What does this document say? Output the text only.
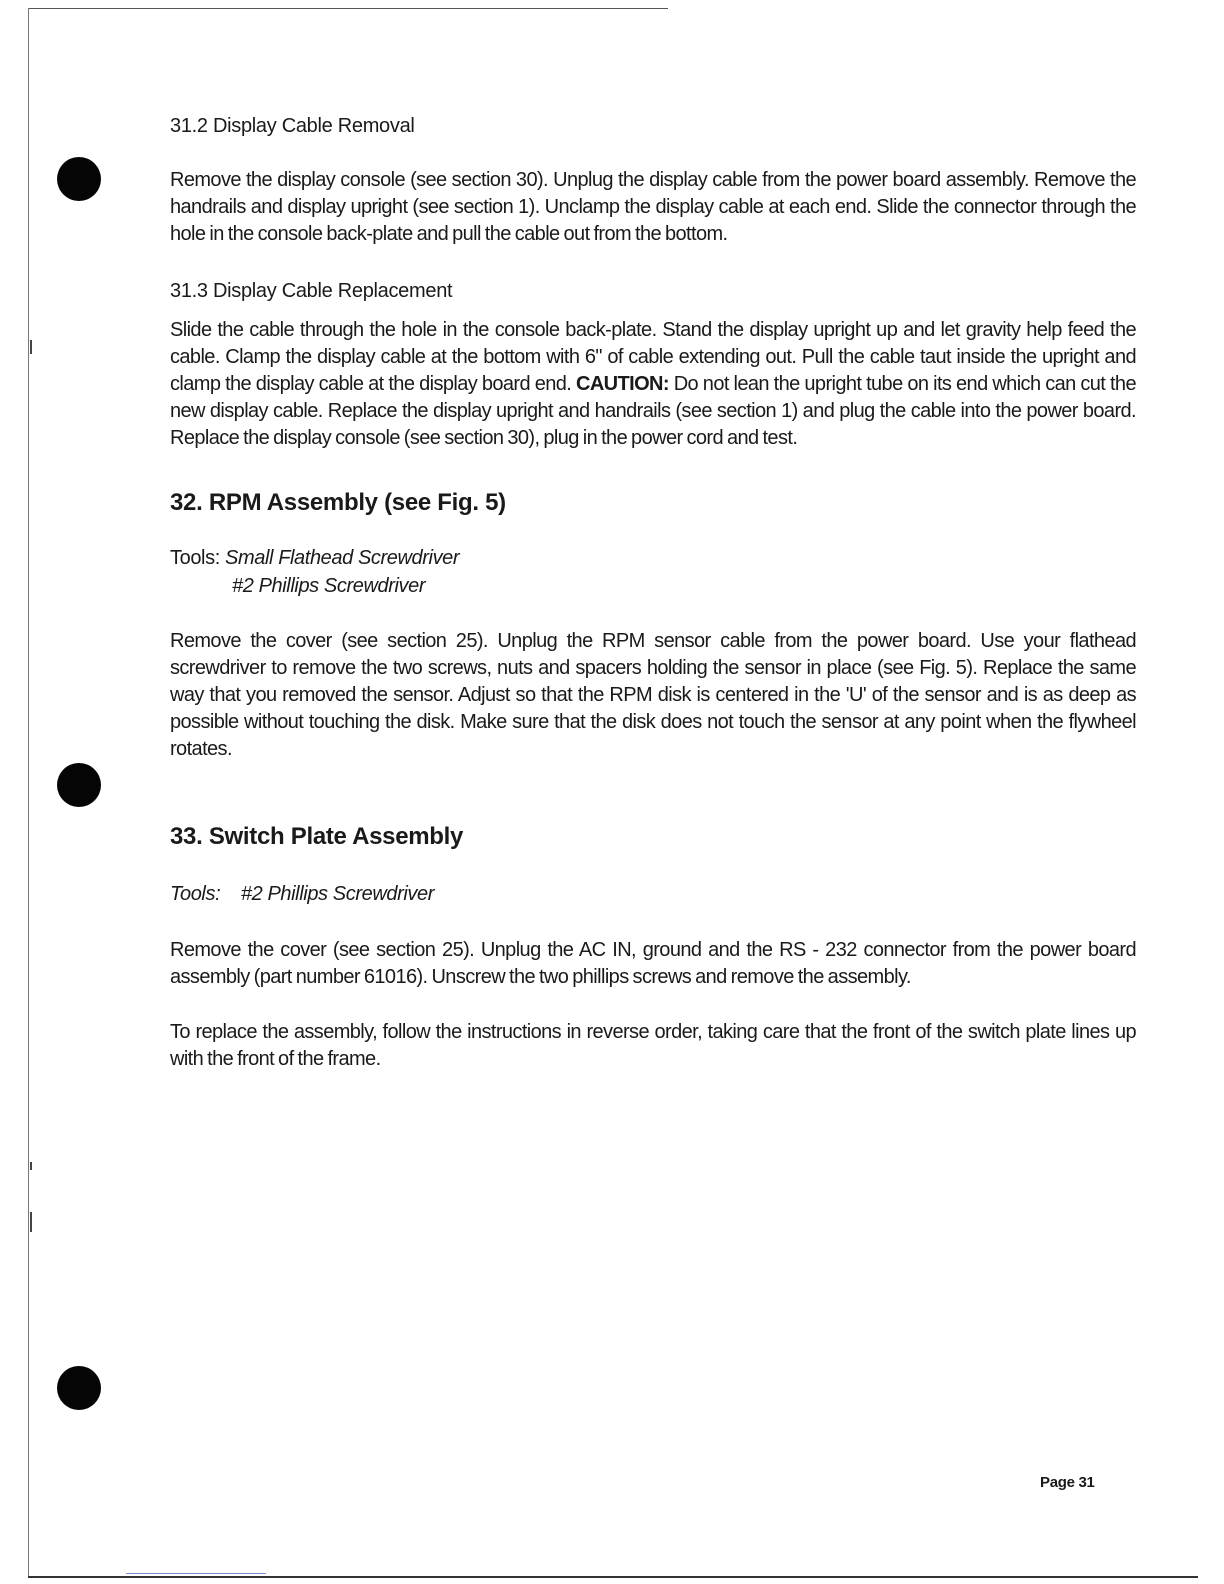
31.2 Display Cable Removal

Remove the display console (see section 30). Unplug the display cable from the power board assembly. Remove the handrails and display upright (see section 1). Unclamp the display cable at each end. Slide the connector through the hole in the console back-plate and pull the cable out from the bottom.

31.3 Display Cable Replacement

Slide the cable through the hole in the console back-plate. Stand the display upright up and let gravity help feed the cable. Clamp the display cable at the bottom with 6" of cable extending out. Pull the cable taut inside the upright and clamp the display cable at the display board end. CAUTION: Do not lean the upright tube on its end which can cut the new display cable. Replace the display upright and handrails (see section 1) and plug the cable into the power board. Replace the display console (see section 30), plug in the power cord and test.

32. RPM Assembly (see Fig. 5)

Tools: Small Flathead Screwdriver

#2 Phillips Screwdriver

Remove the cover (see section 25). Unplug the RPM sensor cable from the power board. Use your flathead screwdriver to remove the two screws, nuts and spacers holding the sensor in place (see Fig. 5). Replace the same way that you removed the sensor. Adjust so that the RPM disk is centered in the 'U' of the sensor and is as deep as possible without touching the disk. Make sure that the disk does not touch the sensor at any point when the flywheel rotates.

33. Switch Plate Assembly

Tools: #2 Phillips Screwdriver

Remove the cover (see section 25). Unplug the AC IN, ground and the RS - 232 connector from the power board assembly (part number 61016). Unscrew the two phillips screws and remove the assembly.

To replace the assembly, follow the instructions in reverse order, taking care that the front of the switch plate lines up with the front of the frame.

Page 31
